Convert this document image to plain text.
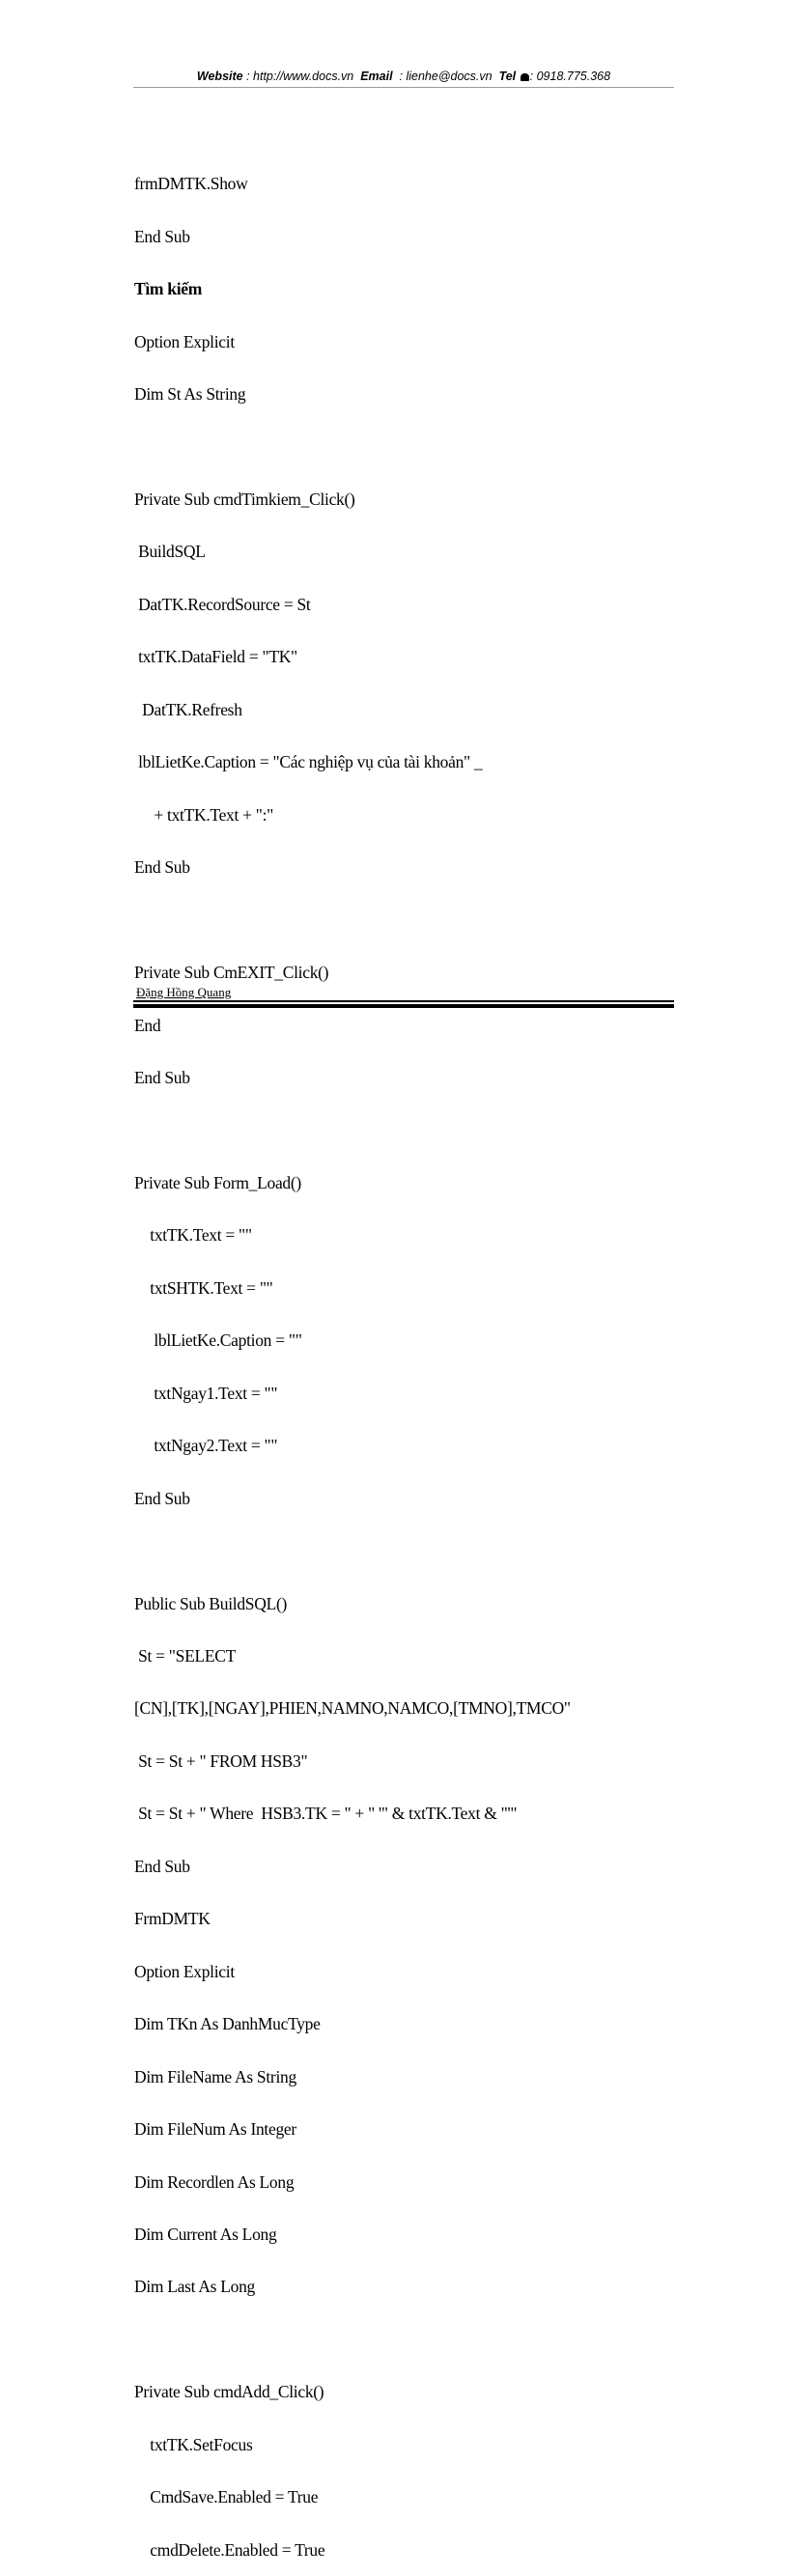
Website : http://www.docs.vn Email : lienhe@docs.vn Tel : 0918.775.368

frmDMTK.Show

End Sub

Tìm kiếm

Option Explicit

Dim St As String

Private Sub cmdTimkiem_Click()

BuildSQL

DatTK.RecordSource = St

txtTK.DataField = "TK"

DatTK.Refresh

lblLietKe.Caption = "Các nghiệp vụ của tài khoản" _

+ txtTK.Text + ":"

End Sub

Private Sub CmEXIT_Click()

End

End Sub

Private Sub Form_Load()

txtTK.Text = ""

txtSHTK.Text = ""

lblLietKe.Caption = ""

txtNgay1.Text = ""

txtNgay2.Text = ""

End Sub

Public Sub BuildSQL()

St = "SELECT

[CN],[TK],[NGAY],PHIEN,NAMNO,NAMCO,[TMNO],TMCO"

St = St + " FROM HSB3"

St = St + " Where  HSB3.TK = " + " '" & txtTK.Text & "'"

End Sub

FrmDMTK

Option Explicit

Dim TKn As DanhMucType

Dim FileName As String

Dim FileNum As Integer

Dim Recordlen As Long

Dim Current As Long

Dim Last As Long

Private Sub cmdAdd_Click()

txtTK.SetFocus

CmdSave.Enabled = True

cmdDelete.Enabled = True

Đặng Hồng Quang
